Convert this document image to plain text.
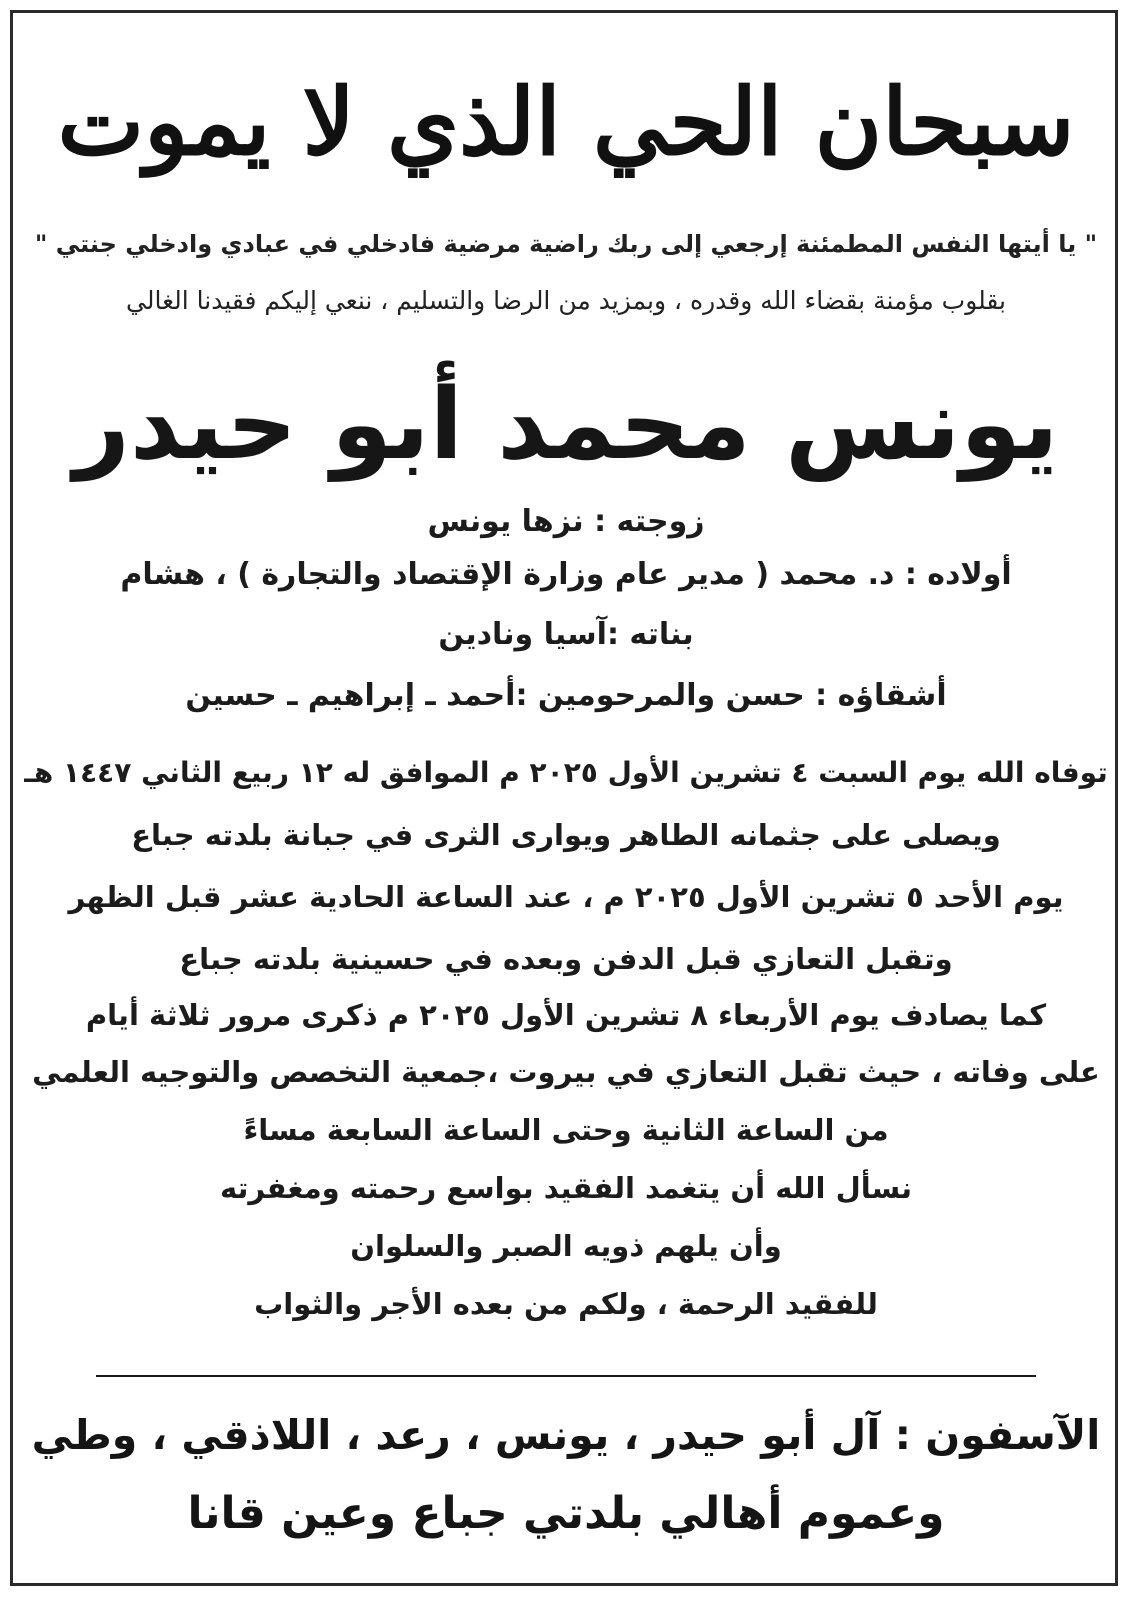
سبحان الحي الذي لا يموت
" يا أيتها النفس المطمئنة إرجعي إلى ربك راضية مرضية فادخلي في عبادي وادخلي جنتي "
بقلوب مؤمنة بقضاء الله وقدره ، وبمزيد من الرضا والتسليم ، ننعي إليكم فقيدنا الغالي
يونس محمد أبو حيدر
زوجته : نزها يونس
أولاده : د. محمد ( مدير عام وزارة الإقتصاد والتجارة ) ، هشام
بناته :آسيا ونادين
أشقاؤه : حسن والمرحومين :أحمد ـ إبراهيم ـ حسين
توفاه الله يوم السبت ٤ تشرين الأول ٢٠٢٥ م الموافق له ١٢ ربيع الثاني ١٤٤٧ هـ
ويصلى على جثمانه الطاهر ويوارى الثرى في جبانة بلدته جباع
يوم الأحد ٥ تشرين الأول ٢٠٢٥ م ، عند الساعة الحادية عشر قبل الظهر
وتقبل التعازي قبل الدفن وبعده في حسينية بلدته جباع
كما يصادف يوم الأربعاء ٨ تشرين الأول ٢٠٢٥ م ذكرى مرور ثلاثة أيام
على وفاته ، حيث تقبل التعازي في بيروت ،جمعية التخصص والتوجيه العلمي
من الساعة الثانية وحتى الساعة السابعة مساءً
نسأل الله أن يتغمد الفقيد بواسع رحمته ومغفرته
وأن يلهم ذويه الصبر والسلوان
للفقيد الرحمة ، ولكم من بعده الأجر والثواب
الآسفون : آل أبو حيدر ، يونس ، رعد ، اللاذقي ، وطي
وعموم أهالي بلدتي جباع وعين قانا
